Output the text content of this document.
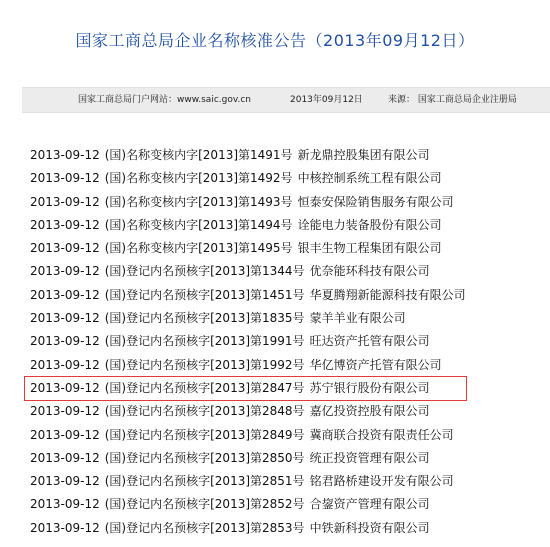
国家工商总局企业名称核准公告（2013年09月12日）
国家工商总局门户网站：www.saic.gov.cn	2013年09月12日	来源： 国家工商总局企业注册局
2013-09-12 (国)名称变核内字[2013]第1491号 新龙鼎控股集团有限公司
2013-09-12 (国)名称变核内字[2013]第1492号 中核控制系统工程有限公司
2013-09-12 (国)名称变核内字[2013]第1493号 恒泰安保险销售服务有限公司
2013-09-12 (国)名称变核内字[2013]第1494号 诠能电力装备股份有限公司
2013-09-12 (国)名称变核内字[2013]第1495号 银丰生物工程集团有限公司
2013-09-12 (国)登记内名预核字[2013]第1344号 优奈能环科技有限公司
2013-09-12 (国)登记内名预核字[2013]第1451号 华夏腾翔新能源科技有限公司
2013-09-12 (国)登记内名预核字[2013]第1835号 蒙羊羊业有限公司
2013-09-12 (国)登记内名预核字[2013]第1991号 旺达资产托管有限公司
2013-09-12 (国)登记内名预核字[2013]第1992号 华亿博资产托管有限公司
2013-09-12 (国)登记内名预核字[2013]第2847号 苏宁银行股份有限公司
2013-09-12 (国)登记内名预核字[2013]第2848号 嘉亿投资控股有限公司
2013-09-12 (国)登记内名预核字[2013]第2849号 冀商联合投资有限责任公司
2013-09-12 (国)登记内名预核字[2013]第2850号 统正投资管理有限公司
2013-09-12 (国)登记内名预核字[2013]第2851号 铭君路桥建设开发有限公司
2013-09-12 (国)登记内名预核字[2013]第2852号 合鋆资产管理有限公司
2013-09-12 (国)登记内名预核字[2013]第2853号 中铁新科投资有限公司
